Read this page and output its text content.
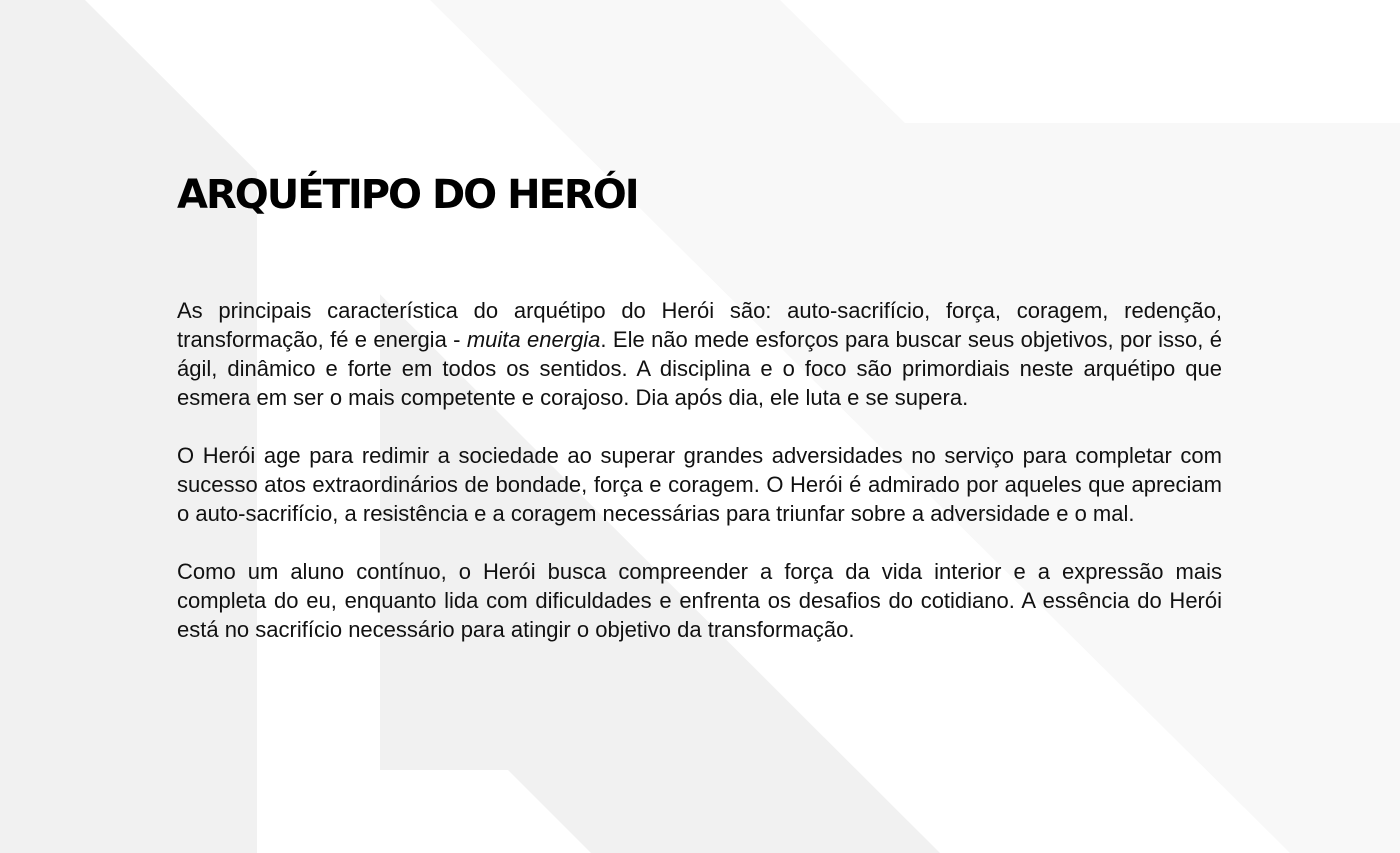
ARQUÉTIPO DO HERÓI

As principais característica do arquétipo do Herói são: auto-sacrifício, força, coragem, redenção, transformação, fé e energia - muita energia. Ele não mede esforços para buscar seus objetivos, por isso, é ágil, dinâmico e forte em todos os sentidos. A disciplina e o foco são primordiais neste arquétipo que esmera em ser o mais competente e corajoso. Dia após dia, ele luta e se supera.

O Herói age para redimir a sociedade ao superar grandes adversidades no serviço para completar com sucesso atos extraordinários de bondade, força e coragem. O Herói é admirado por aqueles que apreciam o auto-sacrifício, a resistência e a coragem necessárias para triunfar sobre a adversidade e o mal.

Como um aluno contínuo, o Herói busca compreender a força da vida interior e a expressão mais completa do eu, enquanto lida com dificuldades e enfrenta os desafios do cotidiano. A essência do Herói está no sacrifício necessário para atingir o objetivo da transformação.
